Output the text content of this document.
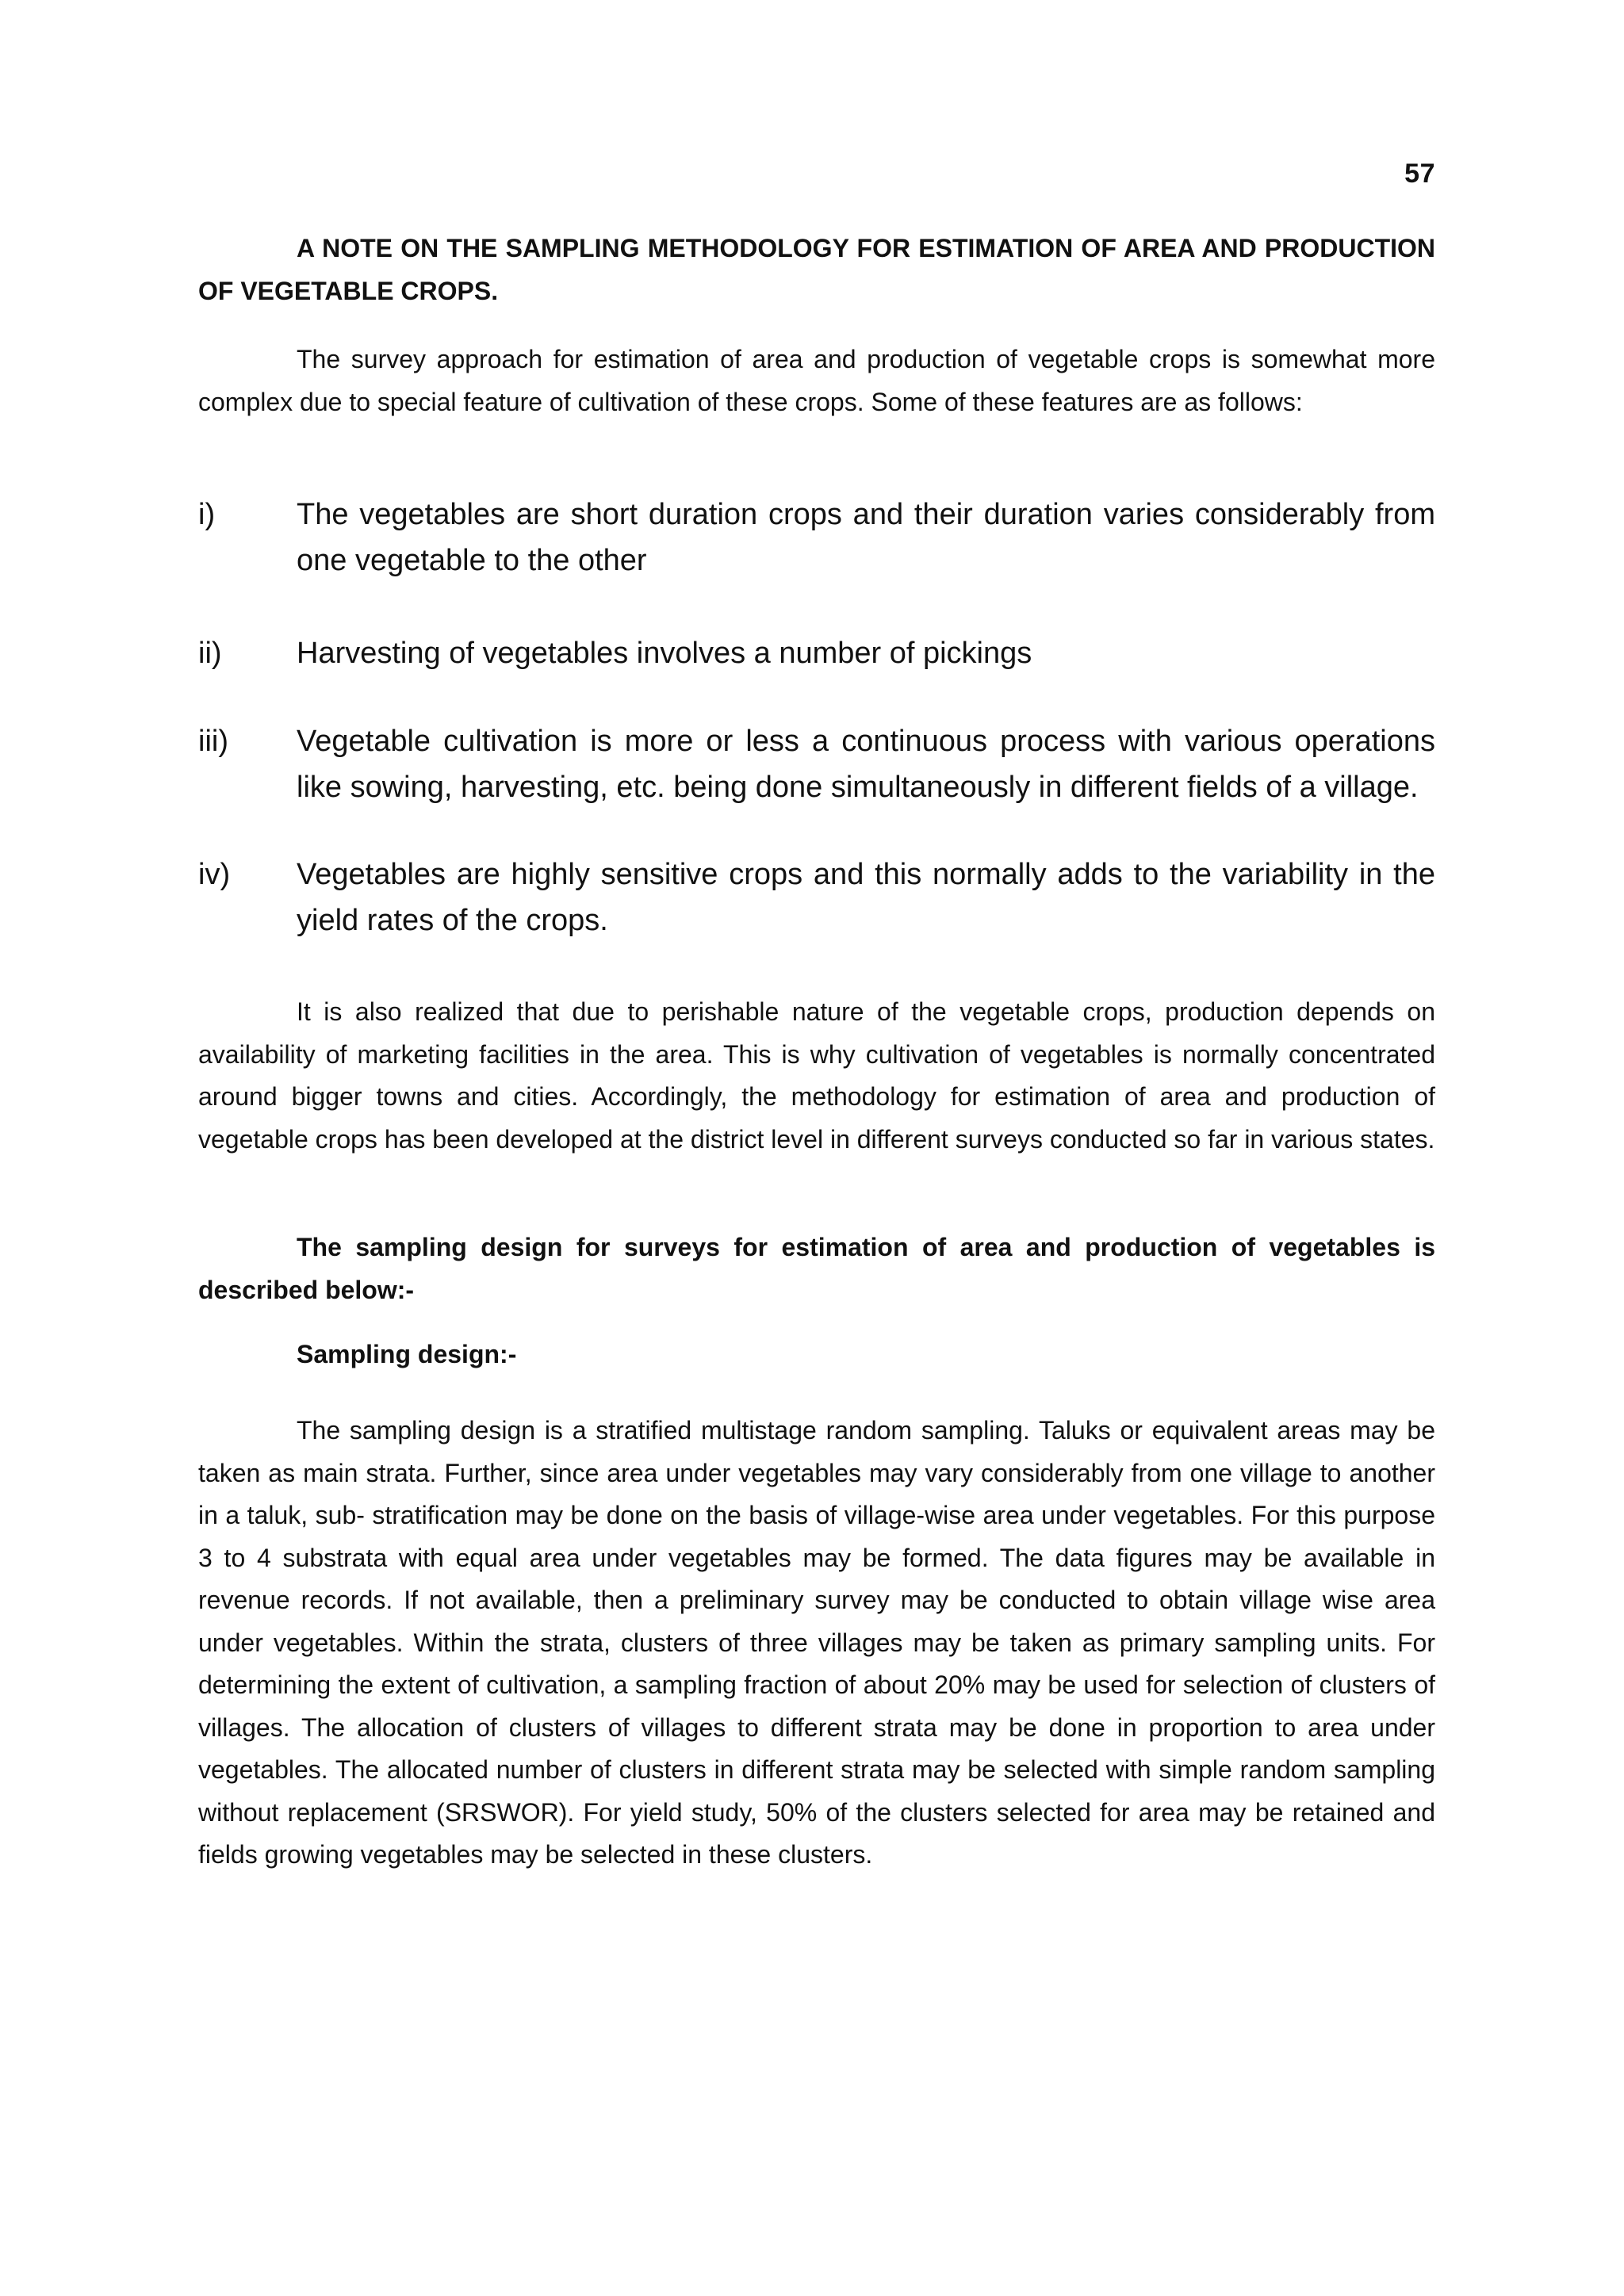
57

A NOTE ON THE SAMPLING METHODOLOGY FOR ESTIMATION OF AREA AND PRODUCTION OF VEGETABLE CROPS.

The survey approach for estimation of area and production of vegetable crops is somewhat more complex due to special feature of cultivation of these crops. Some of these features are as follows:

i)	The vegetables are short duration crops and their duration varies considerably from one vegetable to the other
ii) Harvesting of vegetables involves a number of pickings
iii) Vegetable cultivation is more or less a continuous process with various operations like sowing, harvesting, etc. being done simultaneously in different fields of a village.
iv) Vegetables are highly sensitive crops and this normally adds to the variability in the yield rates of the crops.

It is also realized that due to perishable nature of the vegetable crops, production depends on availability of marketing facilities in the area. This is why cultivation of vegetables is normally concentrated around bigger towns and cities. Accordingly, the methodology for estimation of area and production of vegetable crops has been developed at the district level in different surveys conducted so far in various states.

The sampling design for surveys for estimation of area and production of vegetables is described below:-

Sampling design:-

The sampling design is a stratified multistage random sampling. Taluks or equivalent areas may be taken as main strata. Further, since area under vegetables may vary considerably from one village to another in a taluk, sub- stratification may be done on the basis of village-wise area under vegetables. For this purpose 3 to 4 substrata with equal area under vegetables may be formed. The data figures may be available in revenue records. If not available, then a preliminary survey may be conducted to obtain village wise area under vegetables. Within the strata, clusters of three villages may be taken as primary sampling units. For determining the extent of cultivation, a sampling fraction of about 20% may be used for selection of clusters of villages. The allocation of clusters of villages to different strata may be done in proportion to area under vegetables. The allocated number of clusters in different strata may be selected with simple random sampling without replacement (SRSWOR). For yield study, 50% of the clusters selected for area may be retained and fields growing vegetables may be selected in these clusters.
